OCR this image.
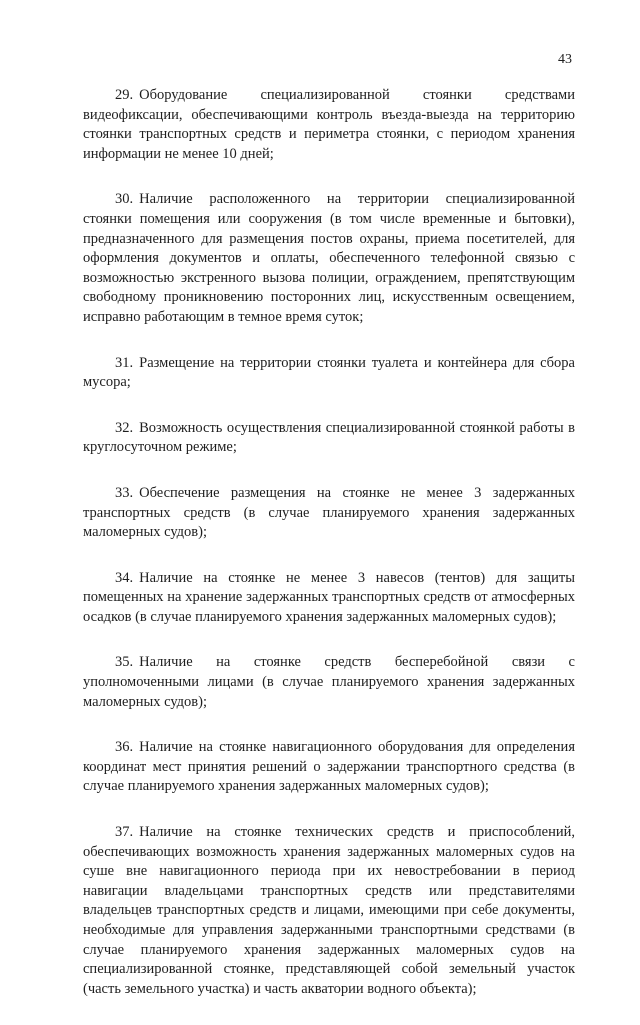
43

29. Оборудование специализированной стоянки средствами видеофиксации, обеспечивающими контроль въезда-выезда на территорию стоянки транспортных средств и периметра стоянки, с периодом хранения информации не менее 10 дней;

30. Наличие расположенного на территории специализированной стоянки помещения или сооружения (в том числе временные и бытовки), предназначенного для размещения постов охраны, приема посетителей, для оформления документов и оплаты, обеспеченного телефонной связью с возможностью экстренного вызова полиции, ограждением, препятствующим свободному проникновению посторонних лиц, искусственным освещением, исправно работающим в темное время суток;

31. Размещение на территории стоянки туалета и контейнера для сбора мусора;

32. Возможность осуществления специализированной стоянкой работы в круглосуточном режиме;

33. Обеспечение размещения на стоянке не менее 3 задержанных транспортных средств (в случае планируемого хранения задержанных маломерных судов);

34. Наличие на стоянке не менее 3 навесов (тентов) для защиты помещенных на хранение задержанных транспортных средств от атмосферных осадков (в случае планируемого хранения задержанных маломерных судов);

35. Наличие на стоянке средств бесперебойной связи с уполномоченными лицами (в случае планируемого хранения задержанных маломерных судов);

36. Наличие на стоянке навигационного оборудования для определения координат мест принятия решений о задержании транспортного средства (в случае планируемого хранения задержанных маломерных судов);

37. Наличие на стоянке технических средств и приспособлений, обеспечивающих возможность хранения задержанных маломерных судов на суше вне навигационного периода при их невостребовании в период навигации владельцами транспортных средств или представителями владельцев транспортных средств и лицами, имеющими при себе документы, необходимые для управления задержанными транспортными средствами (в случае планируемого хранения задержанных маломерных судов на специализированной стоянке, представляющей собой земельный участок (часть земельного участка) и часть акватории водного объекта);
